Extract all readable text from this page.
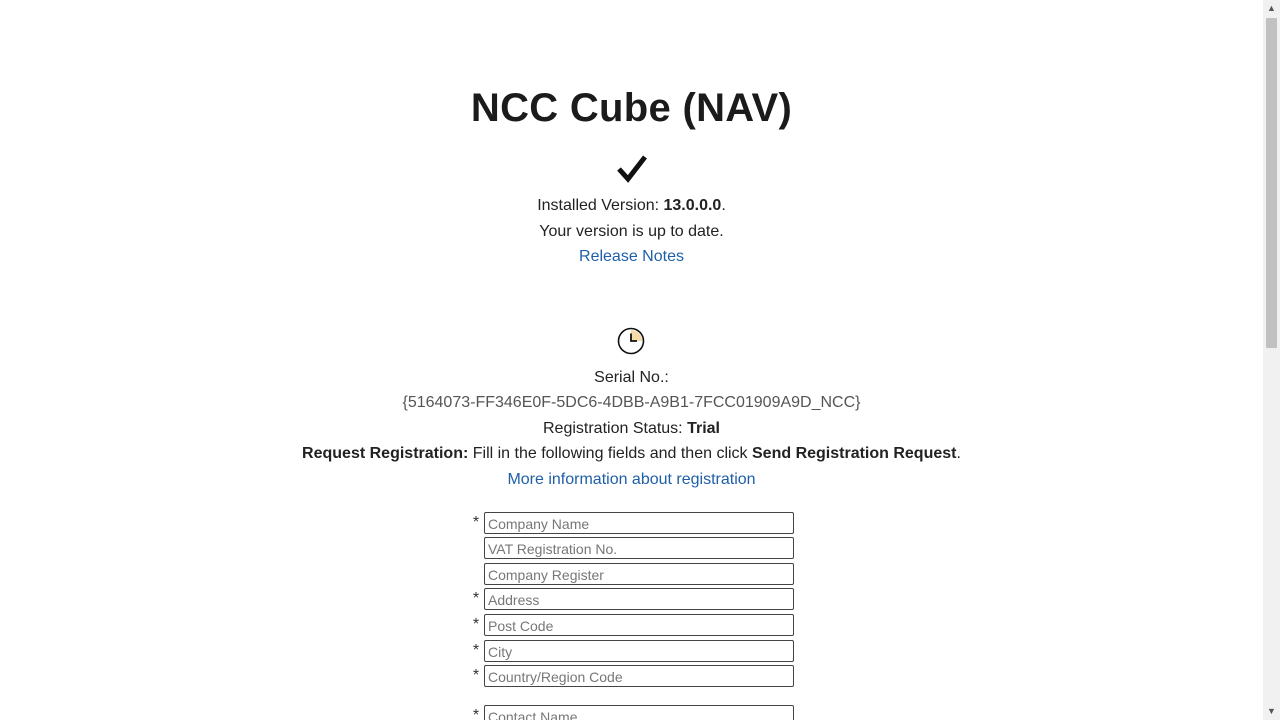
NCC Cube (NAV)
Installed Version: 13.0.0.0.
Your version is up to date.
Release Notes
Serial No.:
{5164073-FF346E0F-5DC6-4DBB-A9B1-7FCC01909A9D_NCC}
Registration Status: Trial
Request Registration: Fill in the following fields and then click Send Registration Request.
More information about registration
*
Company Name
VAT Registration No.
Company Register
*
Address
*
Post Code
*
City
*
Country/Region Code
*
Contact Name
▲
▼
